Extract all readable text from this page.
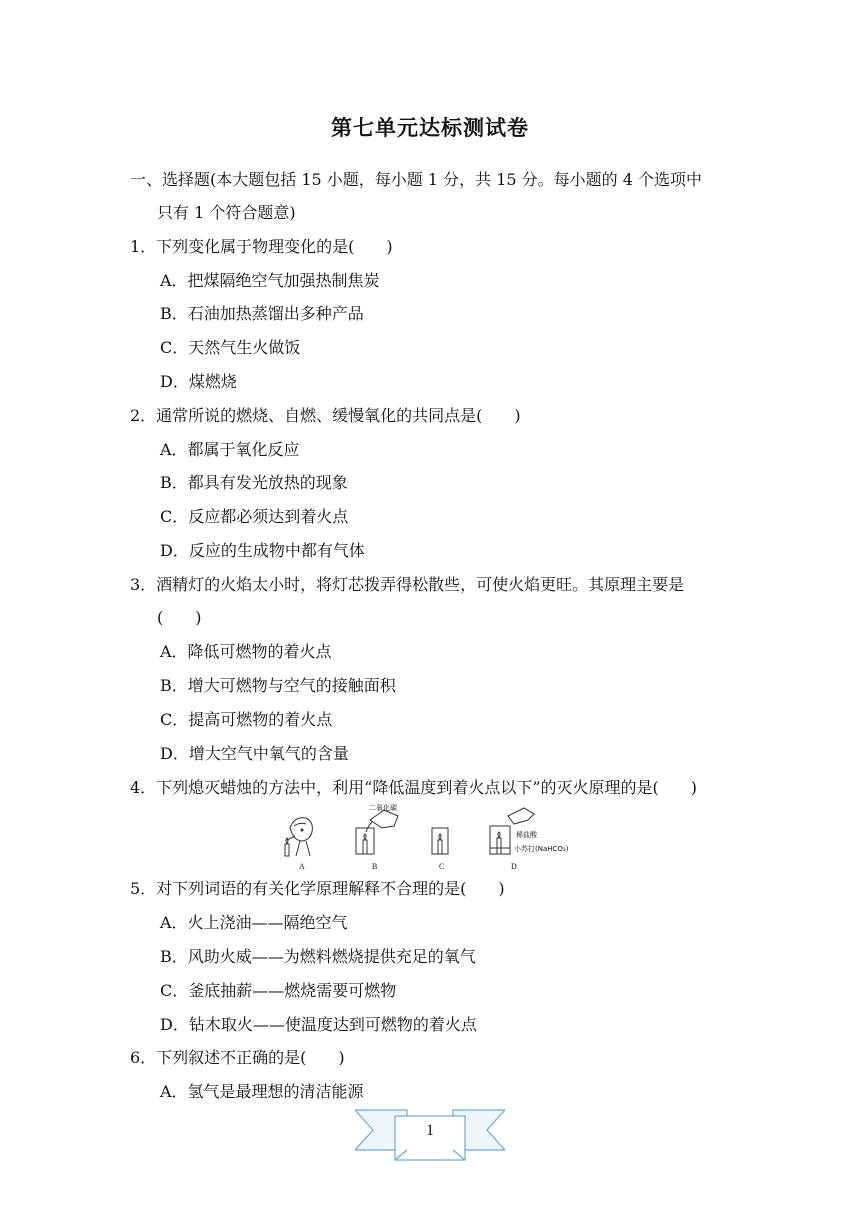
第七单元达标测试卷
一、选择题(本大题包括 15 小题，每小题 1 分，共 15 分。每小题的 4 个选项中
只有 1 个符合题意)
1．下列变化属于物理变化的是(　　)
A．把煤隔绝空气加强热制焦炭
B．石油加热蒸馏出多种产品
C．天然气生火做饭
D．煤燃烧
2．通常所说的燃烧、自燃、缓慢氧化的共同点是(　　)
A．都属于氧化反应
B．都具有发光放热的现象
C．反应都必须达到着火点
D．反应的生成物中都有气体
3．酒精灯的火焰太小时，将灯芯拨弄得松散些，可使火焰更旺。其原理主要是
(　　)
A．降低可燃物的着火点
B．增大可燃物与空气的接触面积
C．提高可燃物的着火点
D．增大空气中氧气的含量
4．下列熄灭蜡烛的方法中，利用“降低温度到着火点以下”的灭火原理的是(　　)
二氧化碳
稀盐酸
小苏打(NaHCO₃)
A	B	C	D
5．对下列词语的有关化学原理解释不合理的是(　　)
A．火上浇油——隔绝空气
B．风助火威——为燃料燃烧提供充足的氧气
C．釜底抽薪——燃烧需要可燃物
D．钻木取火——使温度达到可燃物的着火点
6．下列叙述不正确的是(　　)
A．氢气是最理想的清洁能源
1
